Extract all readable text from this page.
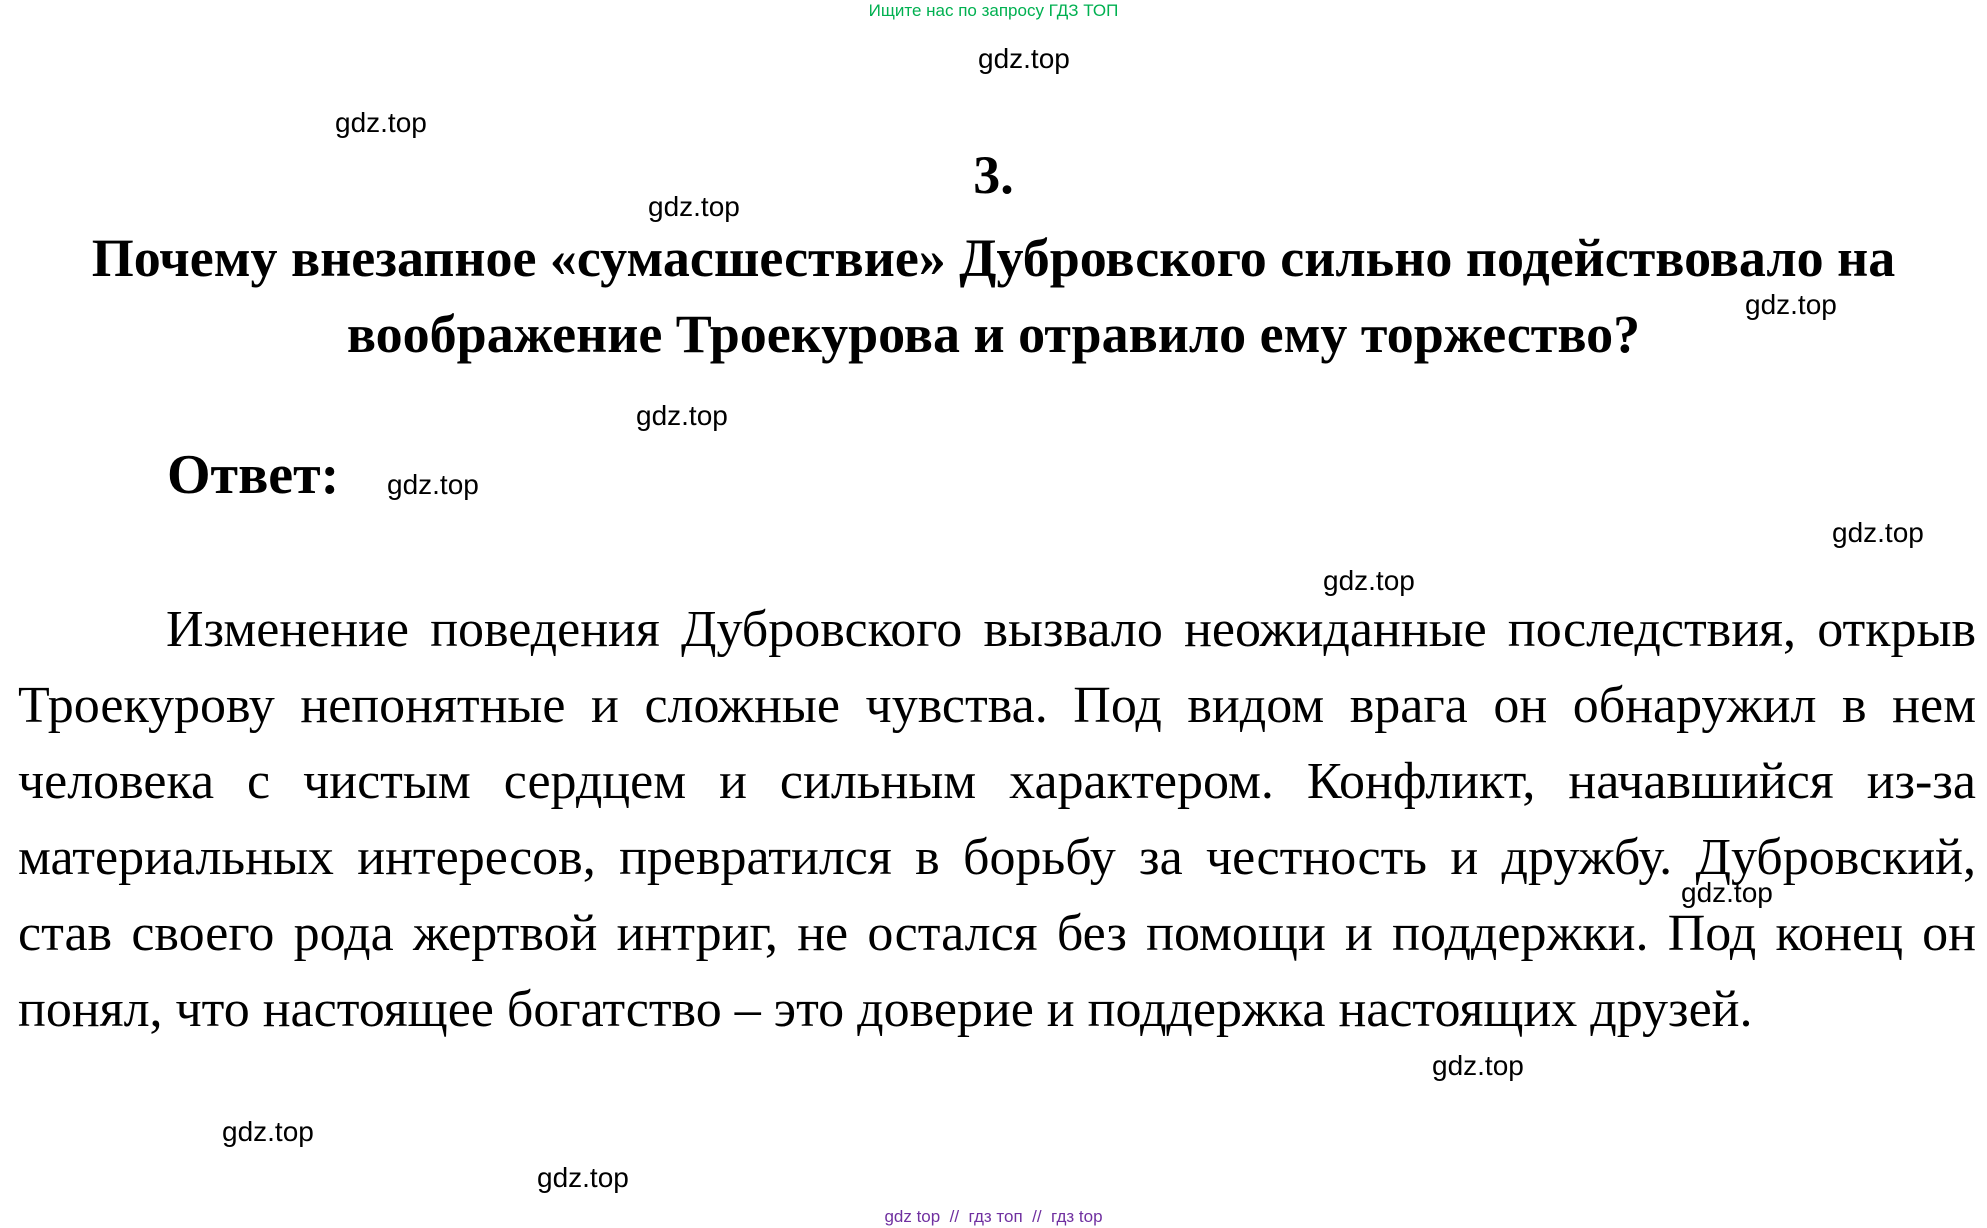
Ищите нас по запросу ГДЗ ТОП
gdz.top
gdz.top
3.
gdz.top
Почему внезапное «сумасшествие» Дубровского сильно подействовало на воображение Троекурова и отравило ему торжество?	gdz.top
gdz.top
Ответ: gdz.top
gdz.top
gdz.top
Изменение поведения Дубровского вызвало неожиданные последствия, открыв Троекурову непонятные и сложные чувства. Под видом врага он обнаружил в нем человека с чистым сердцем и сильным характером. Конфликт, начавшийся из-за материальных интересов, превратился в борьбу за честность и дружбу. Дубровский, став своего рода жертвой интриг, не остался без помощи и поддержки. Под конец он понял, что настоящее богатство – это доверие и поддержка настоящих друзей.
gdz.top
gdz.top
gdz.top
gdz.top
gdz top  //  гдз топ  //  гдз top
